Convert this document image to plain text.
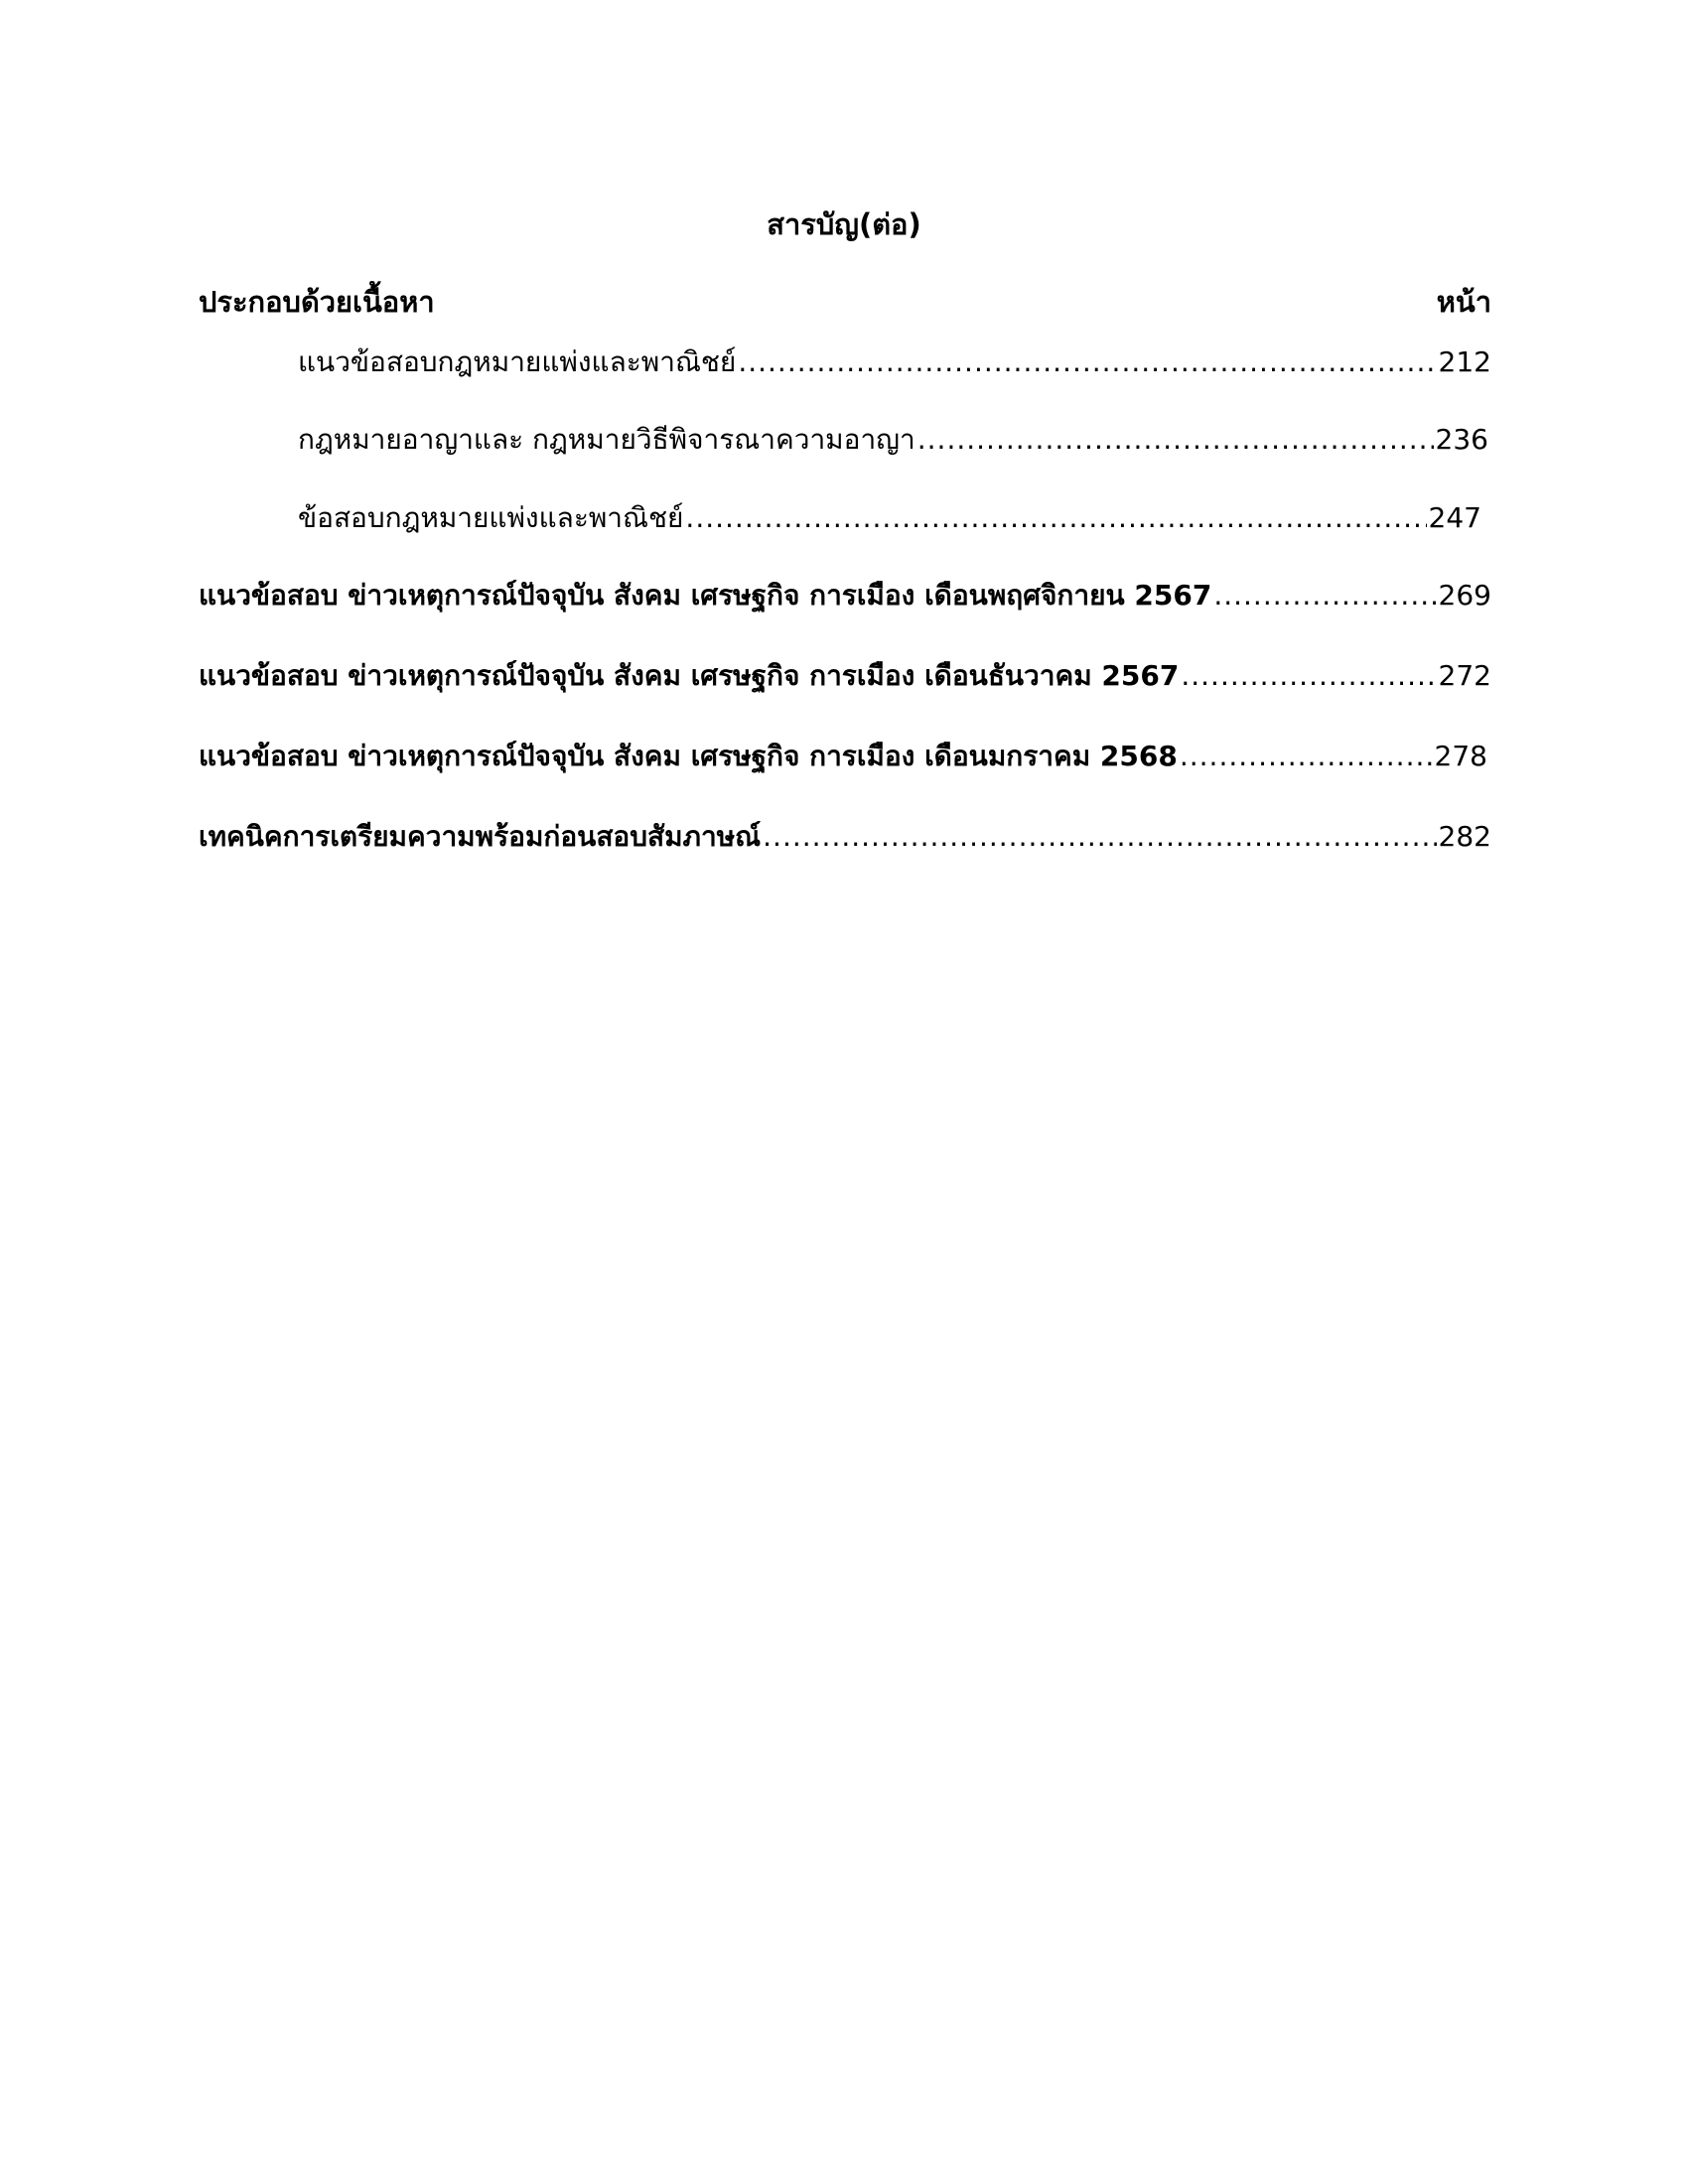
สารบัญ(ต่อ)
ประกอบด้วยเนื้อหา	หน้า
แนวข้อสอบกฎหมายแพ่งและพาณิชย์ .....	212
กฎหมายอาญาและ กฎหมายวิธีพิจารณาความอาญา .....	236
ข้อสอบกฎหมายแพ่งและพาณิชย์ .....	247
แนวข้อสอบ ข่าวเหตุการณ์ปัจจุบัน สังคม เศรษฐกิจ การเมือง เดือนพฤศจิกายน 2567 .....	269
แนวข้อสอบ ข่าวเหตุการณ์ปัจจุบัน สังคม เศรษฐกิจ การเมือง เดือนธันวาคม 2567 .....	272
แนวข้อสอบ ข่าวเหตุการณ์ปัจจุบัน สังคม เศรษฐกิจ การเมือง เดือนมกราคม 2568 .....	278
เทคนิคการเตรียมความพร้อมก่อนสอบสัมภาษณ์ .....	282
